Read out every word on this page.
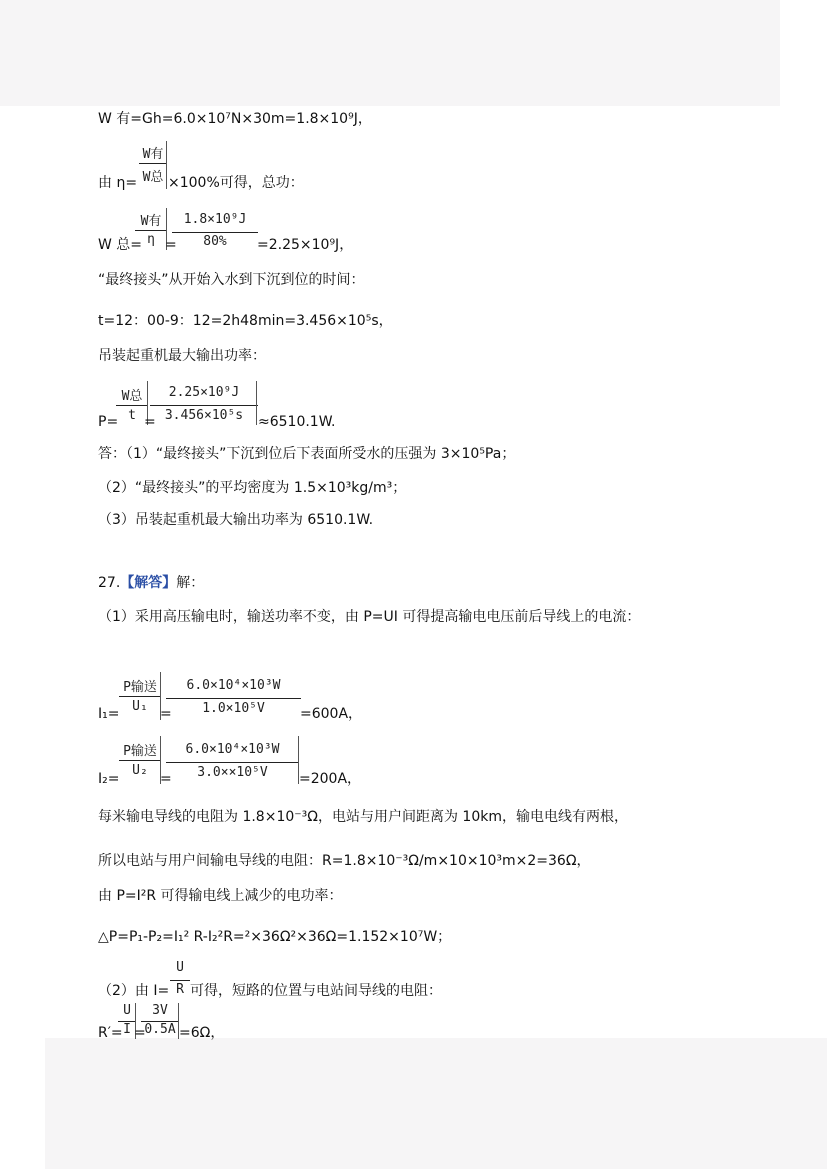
W 有=Gh=6.0×10⁷N×30m=1.8×10⁹J，
由 η=
W有
W总 ×100%可得，总功：
W 总=
W有
η =
1.8×10⁹J
80%	=2.25×10⁹J，
“最终接头”从开始入水到下沉到位的时间：
t=12：00-9：12=2h48min=3.456×10⁵s，
吊装起重机最大输出功率：
P=
W总
t =
2.25×10⁹J
3.456×10⁵s	≈6510.1W.
答：（1）“最终接头”下沉到位后下表面所受水的压强为 3×10⁵Pa；
（2）“最终接头”的平均密度为 1.5×10³kg/m³；
（3）吊装起重机最大输出功率为 6510.1W.
27.【解答】解：
（1）采用高压输电时，输送功率不变，由 P=UI 可得提高输电电压前后导线上的电流：
I₁=
P输送
U₁ =
6.0×10⁴×10³W
1.0×10⁵V	=600A，
I₂=
P输送
U₂
=
6.0×10⁴×10³W
3.0××10⁵V	=200A，
每米输电导线的电阻为 1.8×10⁻³Ω，电站与用户间距离为 10km，输电电线有两根，
所以电站与用户间输电导线的电阻：R=1.8×10⁻³Ω/m×10×10³m×2=36Ω，
由 P=I²R 可得输电线上减少的电功率：
△P=P₁-P₂=I₁² R-I₂²R=²×36Ω²×36Ω=1.152×10⁷W；
（2）由 I=
U
R 可得，短路的位置与电站间导线的电阻：
R′=
U
I =
3V
0.5A =6Ω，
